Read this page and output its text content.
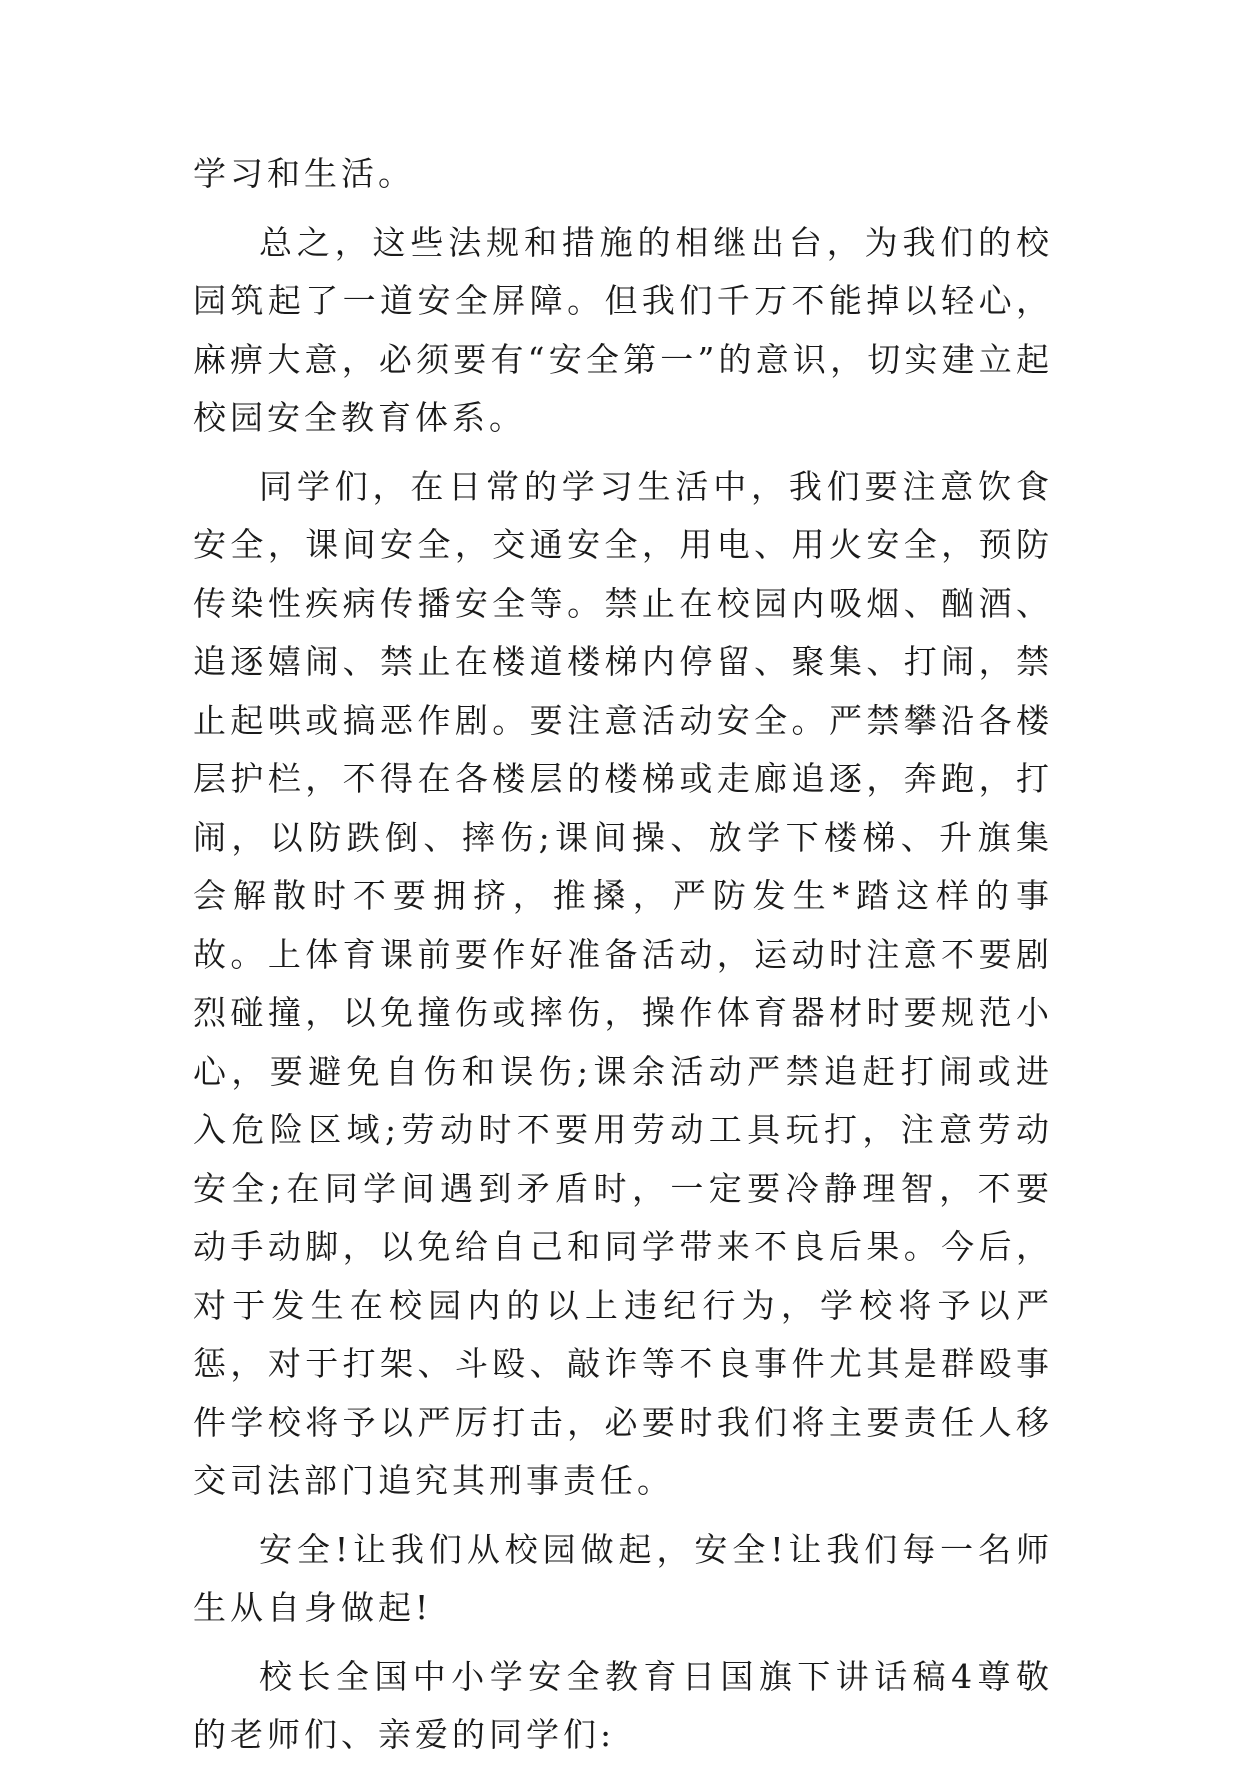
学习和生活。

总之，这些法规和措施的相继出台，为我们的校园筑起了一道安全屏障。但我们千万不能掉以轻心，麻痹大意，必须要有“安全第一”的意识，切实建立起校园安全教育体系。

同学们，在日常的学习生活中，我们要注意饮食安全，课间安全，交通安全，用电、用火安全，预防传染性疾病传播安全等。禁止在校园内吸烟、酗酒、追逐嬉闹、禁止在楼道楼梯内停留、聚集、打闹，禁止起哄或搞恶作剧。要注意活动安全。严禁攀沿各楼层护栏，不得在各楼层的楼梯或走廊追逐，奔跑，打闹，以防跌倒、摔伤;课间操、放学下楼梯、升旗集会解散时不要拥挤，推搡，严防发生*踏这样的事故。上体育课前要作好准备活动，运动时注意不要剧烈碰撞，以免撞伤或摔伤，操作体育器材时要规范小心，要避免自伤和误伤;课余活动严禁追赶打闹或进入危险区域;劳动时不要用劳动工具玩打，注意劳动安全;在同学间遇到矛盾时，一定要冷静理智，不要动手动脚，以免给自己和同学带来不良后果。今后，对于发生在校园内的以上违纪行为，学校将予以严惩，对于打架、斗殴、敲诈等不良事件尤其是群殴事件学校将予以严厉打击，必要时我们将主要责任人移交司法部门追究其刑事责任。

安全!让我们从校园做起，安全!让我们每一名师生从自身做起!

校长全国中小学安全教育日国旗下讲话稿4尊敬的老师们、亲爱的同学们:
